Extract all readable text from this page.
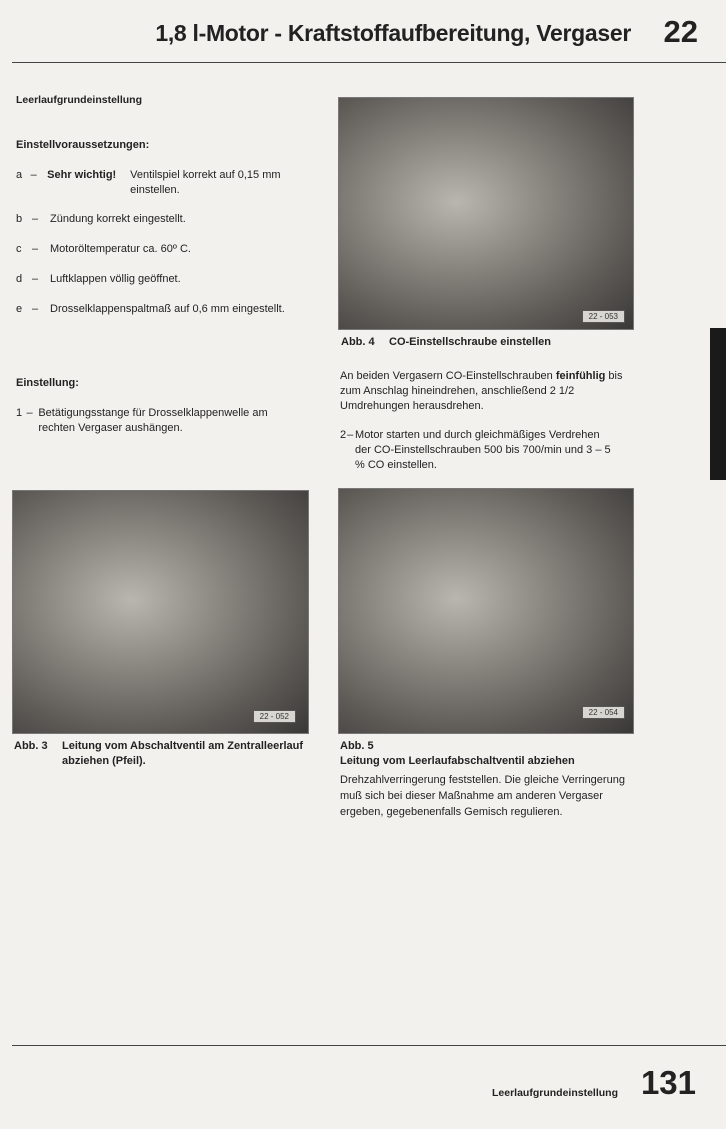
1,8 l-Motor - Kraftstoffaufbereitung, Vergaser 22
Leerlaufgrundeinstellung
Einstellvoraussetzungen:
a – Sehr wichtig!	Ventilspiel korrekt auf 0,15 mm einstellen.
b –	Zündung korrekt eingestellt.
c –	Motoröltemperatur ca. 60º C.
d –	Luftklappen völlig geöffnet.
e –	Drosselklappenspaltmaß auf 0,6 mm eingestellt.
Einstellung:
1 – Betätigungsstange für Drosselklappenwelle am rechten Vergaser aushängen.
22 - 053
Abb. 4	CO-Einstellschraube einstellen
An beiden Vergasern CO-Einstellschrauben feinfühlig bis zum Anschlag hineindrehen, anschließend 2 1/2 Umdrehungen herausdrehen.
2 – Motor starten und durch gleichmäßiges Verdrehen der CO-Einstellschrauben 500 bis 700/min und 3 – 5 % CO einstellen.
22 - 052
Abb. 3	Leitung vom Abschaltventil am Zentralleerlauf abziehen (Pfeil).
22 - 054
Abb. 5
Leitung vom Leerlaufabschaltventil abziehen
Drehzahlverringerung feststellen. Die gleiche Verringerung muß sich bei dieser Maßnahme am anderen Vergaser ergeben, gegebenenfalls Gemisch regulieren.
Leerlaufgrundeinstellung 131
